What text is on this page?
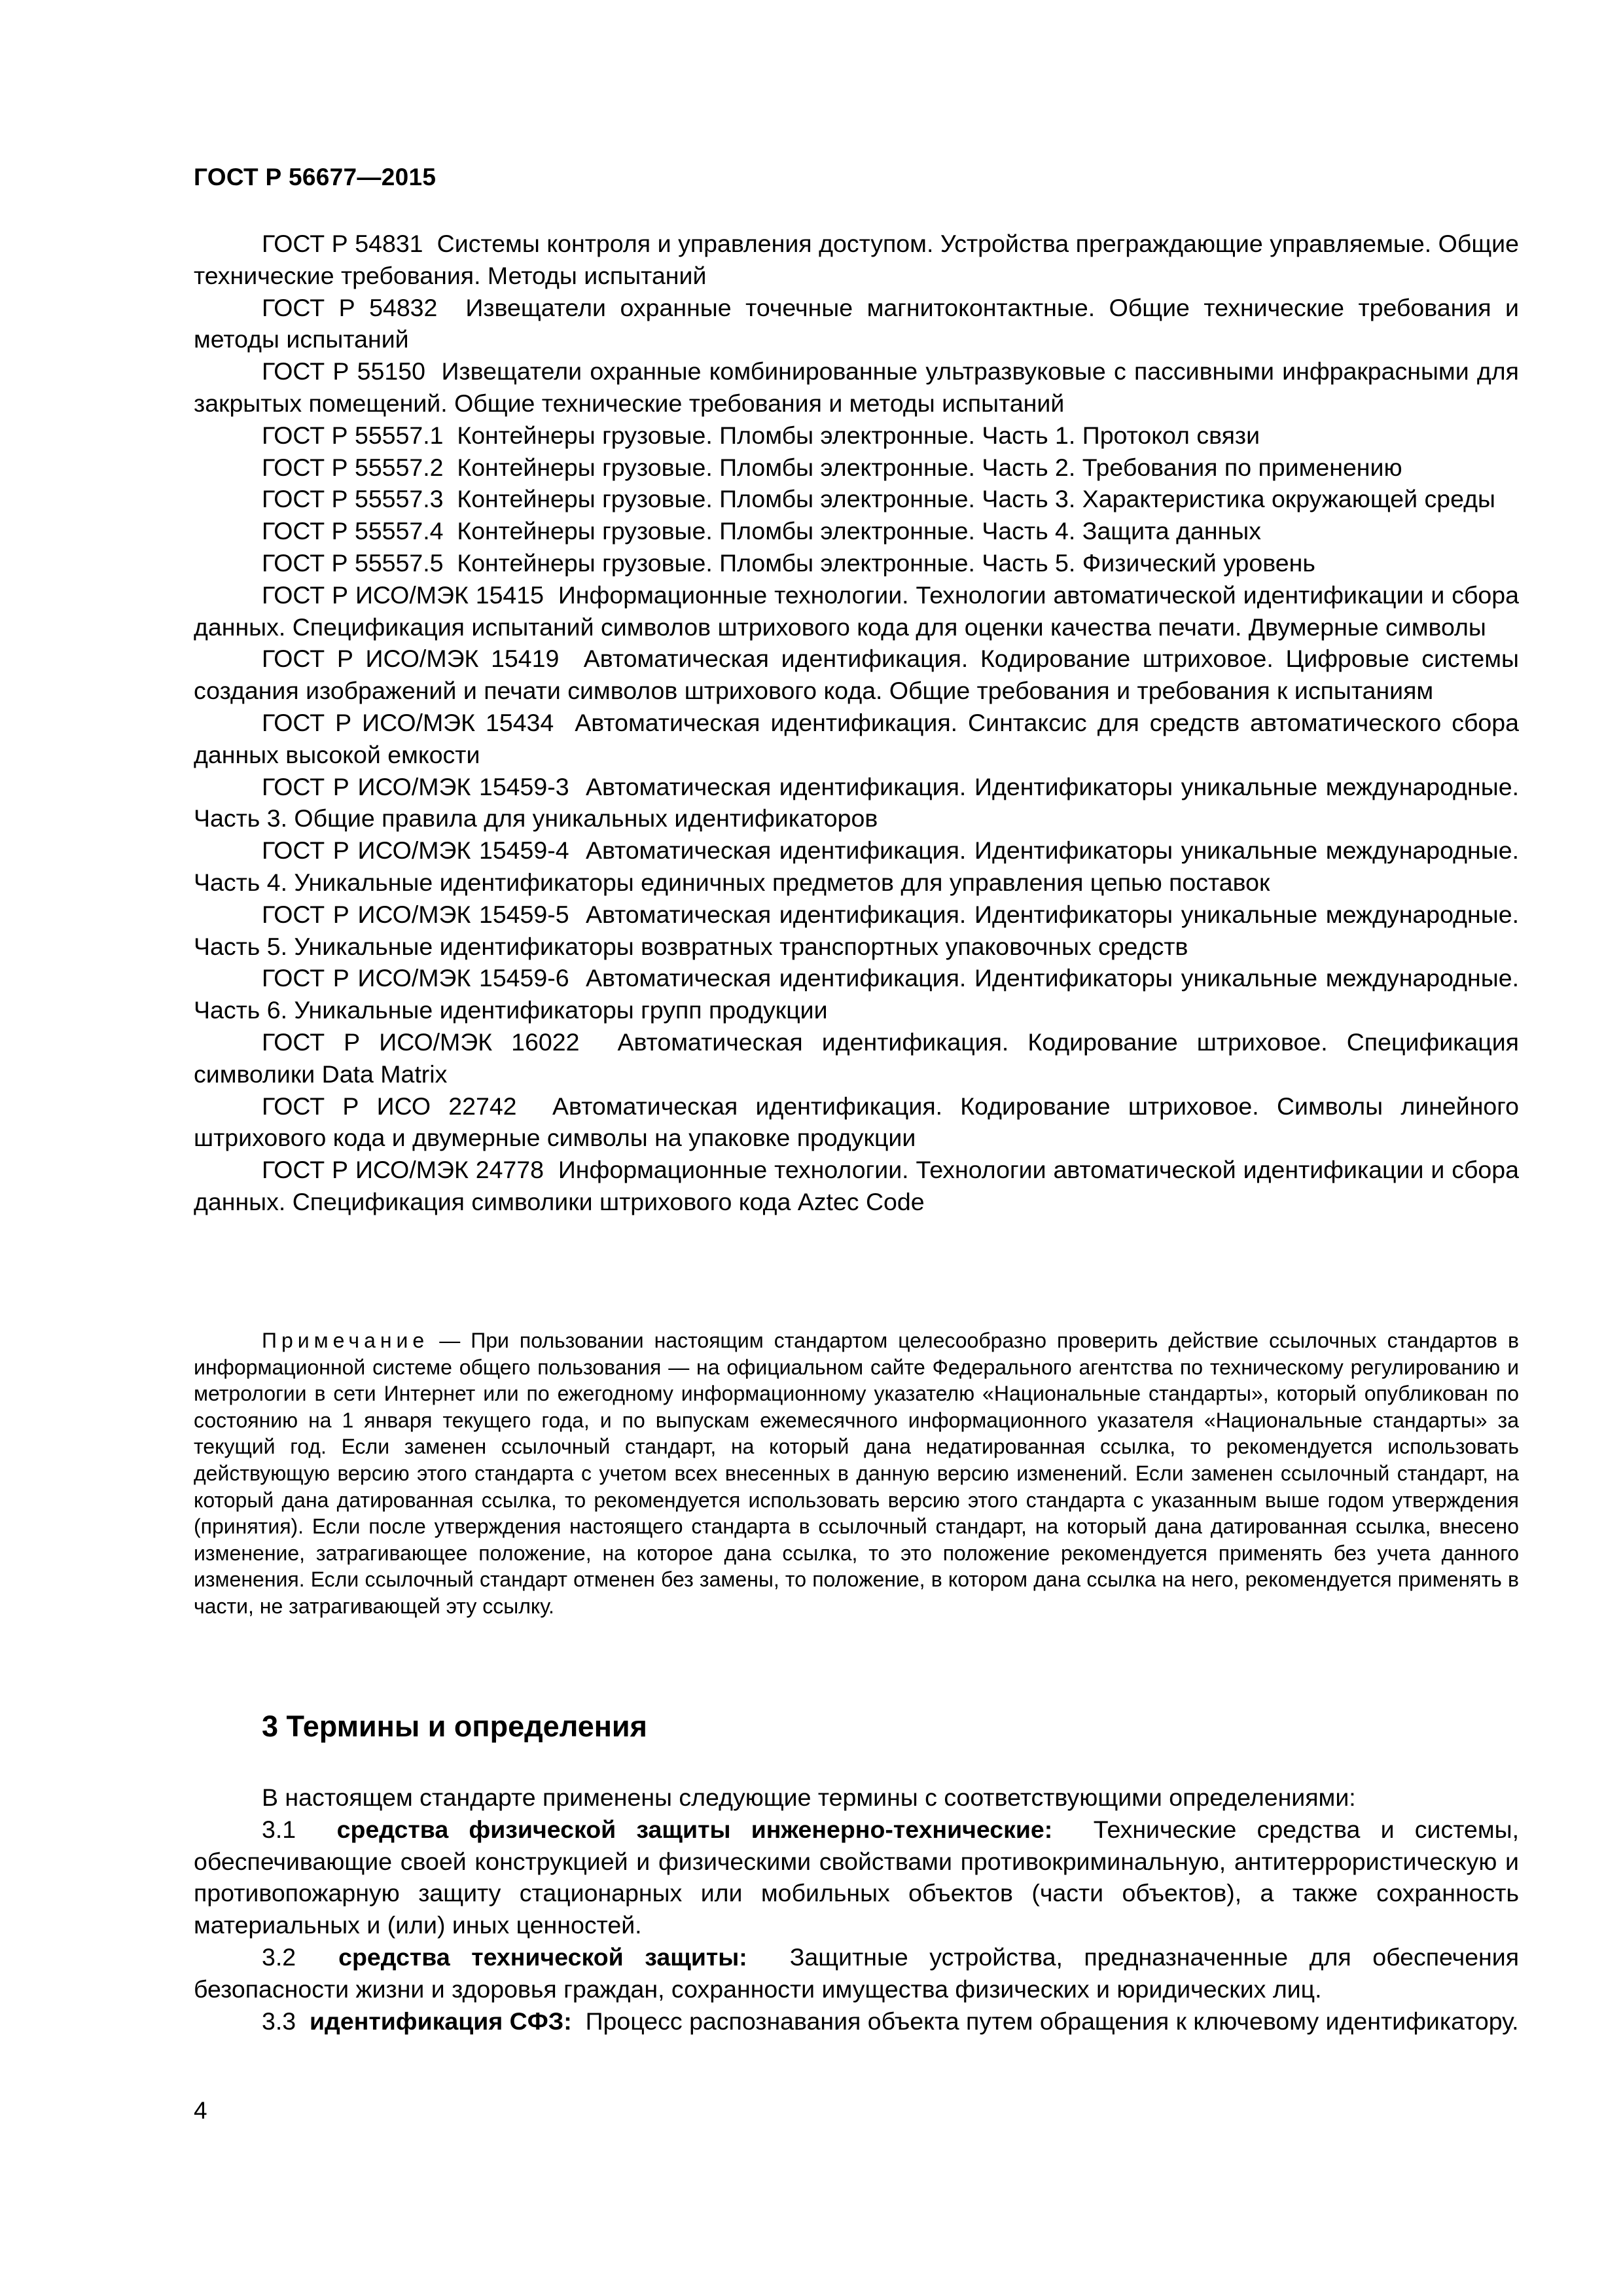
ГОСТ Р 56677—2015

ГОСТ Р 54831 Системы контроля и управления доступом. Устройства преграждающие управляемые. Общие технические требования. Методы испытаний

ГОСТ Р 54832 Извещатели охранные точечные магнитоконтактные. Общие технические требования и методы испытаний

ГОСТ Р 55150 Извещатели охранные комбинированные ультразвуковые с пассивными инфракрасными для закрытых помещений. Общие технические требования и методы испытаний

ГОСТ Р 55557.1 Контейнеры грузовые. Пломбы электронные. Часть 1. Протокол связи

ГОСТ Р 55557.2 Контейнеры грузовые. Пломбы электронные. Часть 2. Требования по применению

ГОСТ Р 55557.3 Контейнеры грузовые. Пломбы электронные. Часть 3. Характеристика окружающей среды

ГОСТ Р 55557.4 Контейнеры грузовые. Пломбы электронные. Часть 4. Защита данных

ГОСТ Р 55557.5 Контейнеры грузовые. Пломбы электронные. Часть 5. Физический уровень

ГОСТ Р ИСО/МЭК 15415 Информационные технологии. Технологии автоматической идентификации и сбора данных. Спецификация испытаний символов штрихового кода для оценки качества печати. Двумерные символы

ГОСТ Р ИСО/МЭК 15419 Автоматическая идентификация. Кодирование штриховое. Цифровые системы создания изображений и печати символов штрихового кода. Общие требования и требования к испытаниям

ГОСТ Р ИСО/МЭК 15434 Автоматическая идентификация. Синтаксис для средств автоматического сбора данных высокой емкости

ГОСТ Р ИСО/МЭК 15459-3 Автоматическая идентификация. Идентификаторы уникальные международные. Часть 3. Общие правила для уникальных идентификаторов

ГОСТ Р ИСО/МЭК 15459-4 Автоматическая идентификация. Идентификаторы уникальные международные. Часть 4. Уникальные идентификаторы единичных предметов для управления цепью поставок

ГОСТ Р ИСО/МЭК 15459-5 Автоматическая идентификация. Идентификаторы уникальные международные. Часть 5. Уникальные идентификаторы возвратных транспортных упаковочных средств

ГОСТ Р ИСО/МЭК 15459-6 Автоматическая идентификация. Идентификаторы уникальные международные. Часть 6. Уникальные идентификаторы групп продукции

ГОСТ Р ИСО/МЭК 16022 Автоматическая идентификация. Кодирование штриховое. Спецификация символики Data Matrix

ГОСТ Р ИСО 22742 Автоматическая идентификация. Кодирование штриховое. Символы линейного штрихового кода и двумерные символы на упаковке продукции

ГОСТ Р ИСО/МЭК 24778 Информационные технологии. Технологии автоматической идентификации и сбора данных. Спецификация символики штрихового кода Aztec Code

Примечание — При пользовании настоящим стандартом целесообразно проверить действие ссылочных стандартов в информационной системе общего пользования — на официальном сайте Федерального агентства по техническому регулированию и метрологии в сети Интернет или по ежегодному информационному указателю «Национальные стандарты», который опубликован по состоянию на 1 января текущего года, и по выпускам ежемесячного информационного указателя «Национальные стандарты» за текущий год. Если заменен ссылочный стандарт, на который дана недатированная ссылка, то рекомендуется использовать действующую версию этого стандарта с учетом всех внесенных в данную версию изменений. Если заменен ссылочный стандарт, на который дана датированная ссылка, то рекомендуется использовать версию этого стандарта с указанным выше годом утверждения (принятия). Если после утверждения настоящего стандарта в ссылочный стандарт, на который дана датированная ссылка, внесено изменение, затрагивающее положение, на которое дана ссылка, то это положение рекомендуется применять без учета данного изменения. Если ссылочный стандарт отменен без замены, то положение, в котором дана ссылка на него, рекомендуется применять в части, не затрагивающей эту ссылку.

3 Термины и определения

В настоящем стандарте применены следующие термины с соответствующими определениями:

3.1 средства физической защиты инженерно-технические: Технические средства и системы, обеспечивающие своей конструкцией и физическими свойствами противокриминальную, антитеррористическую и противопожарную защиту стационарных или мобильных объектов (части объектов), а также сохранность материальных и (или) иных ценностей.

3.2 средства технической защиты: Защитные устройства, предназначенные для обеспечения безопасности жизни и здоровья граждан, сохранности имущества физических и юридических лиц.

3.3 идентификация СФЗ: Процесс распознавания объекта путем обращения к ключевому идентификатору.

4
